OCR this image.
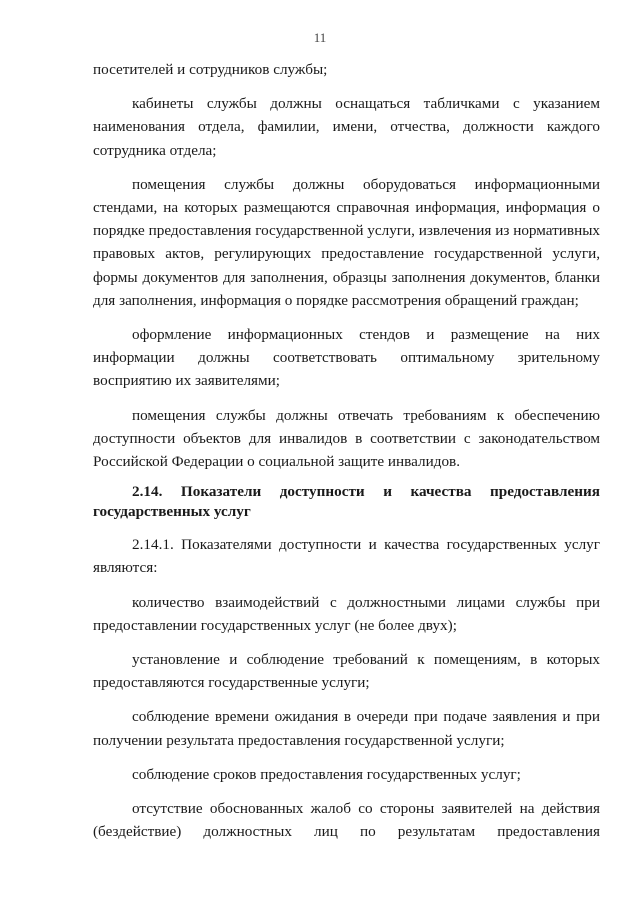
11

посетителей и сотрудников службы;

кабинеты службы должны оснащаться табличками с указанием наименования отдела, фамилии, имени, отчества, должности каждого сотрудника отдела;

помещения службы должны оборудоваться информационными стендами, на которых размещаются справочная информация, информация о порядке предоставления государственной услуги, извлечения из нормативных правовых актов, регулирующих предоставление государственной услуги, формы документов для заполнения, образцы заполнения документов, бланки для заполнения, информация о порядке рассмотрения обращений граждан;

оформление информационных стендов и размещение на них информации должны соответствовать оптимальному зрительному восприятию их заявителями;

помещения службы должны отвечать требованиям к обеспечению доступности объектов для инвалидов в соответствии с законодательством Российской Федерации о социальной защите инвалидов.

2.14. Показатели доступности и качества предоставления государственных услуг

2.14.1. Показателями доступности и качества государственных услуг являются:

количество взаимодействий с должностными лицами службы при предоставлении государственных услуг (не более двух);

установление и соблюдение требований к помещениям, в которых предоставляются государственные услуги;

соблюдение времени ожидания в очереди при подаче заявления и при получении результата предоставления государственной услуги;

соблюдение сроков предоставления государственных услуг;

отсутствие обоснованных жалоб со стороны заявителей на действия (бездействие) должностных лиц по результатам предоставления
